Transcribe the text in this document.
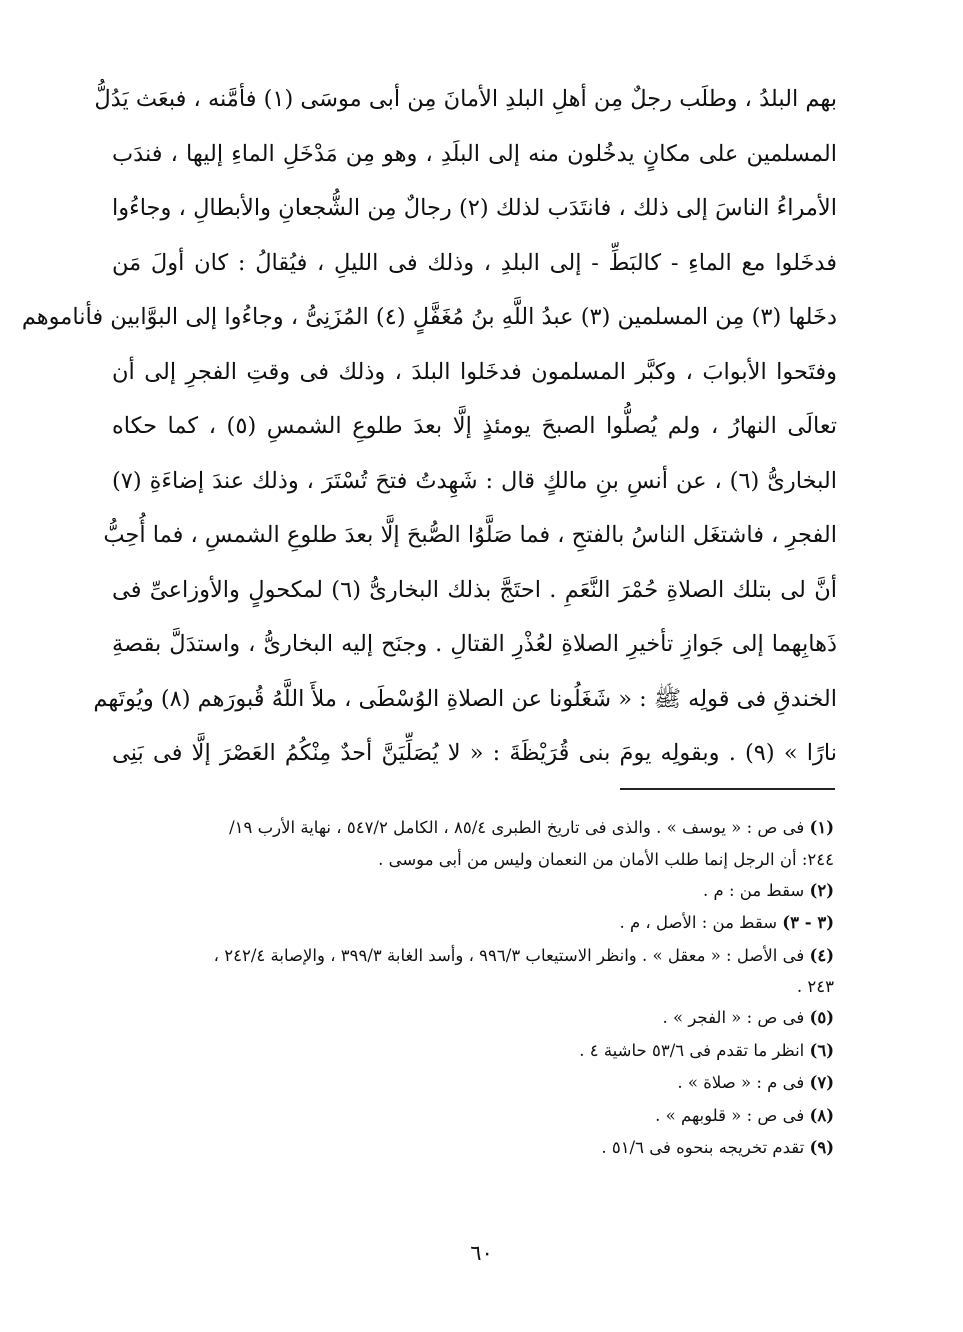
بهم البلدُ ، وطلَب رجلٌ مِن أهلِ البلدِ الأمانَ مِن أبى موسَى (١) فأمَّنه ، فبعَث يَدُلُّ
المسلمين على مكانٍ يدخُلون منه إلى البلَدِ ، وهو مِن مَدْخَلِ الماءِ إليها ، فندَب
الأمراءُ الناسَ إلى ذلك ، فانتَدَب لذلك (٢) رجالٌ مِن الشُّجعانِ والأبطالِ ، وجاءُوا
فدخَلوا مع الماءِ - كالبَطِّ - إلى البلدِ ، وذلك فى الليلِ ، فيُقالُ : كان أولَ مَن
دخَلها (٣) مِن المسلمين (٣) عبدُ اللَّهِ بنُ مُغَفَّلٍ (٤) المُزَنِىُّ ، وجاءُوا إلى البوَّابين فأناموهم
وفتَحوا الأبوابَ ، وكبَّر المسلمون فدخَلوا البلدَ ، وذلك فى وقتِ الفجرِ إلى أن
تعالَى النهارُ ، ولم يُصلُّوا الصبحَ يومئذٍ إلَّا بعدَ طلوعِ الشمسِ (٥) ، كما حكاه
البخارىُّ (٦) ، عن أنسِ بنِ مالكٍ قال : شَهِدتُ فتحَ تُسْتَرَ ، وذلك عندَ إضاءَةِ (٧)
الفجرِ ، فاشتغَل الناسُ بالفتحِ ، فما صَلَّوُا الصُّبحَ إلَّا بعدَ طلوعِ الشمسِ ، فما أُحِبُّ
أنَّ لى بتلك الصلاةِ حُمْرَ النَّعَمِ . احتَجَّ بذلك البخارىُّ (٦) لمكحولٍ والأوزاعىِّ فى
ذَهابِهما إلى جَوازِ تأخيرِ الصلاةِ لعُذْرِ القتالِ . وجنَح إليه البخارىُّ ، واستدَلَّ بقصةِ
الخندقِ فى قولِه ﷺ : « شَغَلُونا عن الصلاةِ الوُسْطَى ، ملأَ اللَّهُ قُبورَهم (٨) ويُوتَهم
نارًا » (٩) . وبقولِه يومَ بنى قُرَيْظَةَ : « لا يُصَلِّيَنَّ أحدٌ مِنْكُمُ العَصْرَ إلَّا فى بَنِى
(١) فى ص : « يوسف » . والذى فى تاريخ الطبرى ٨٥/٤ ، الكامل ٥٤٧/٢ ، نهاية الأرب ١٩/
٢٤٤: أن الرجل إنما طلب الأمان من النعمان وليس من أبى موسى .
(٢) سقط من : م .
(٣ - ٣) سقط من : الأصل ، م .
(٤) فى الأصل : « معقل » . وانظر الاستيعاب ٩٩٦/٣ ، وأسد الغابة ٣٩٩/٣ ، والإصابة ٢٤٢/٤ ،
٢٤٣ .
(٥) فى ص : « الفجر » .
(٦) انظر ما تقدم فى ٥٣/٦ حاشية ٤ .
(٧) فى م : « صلاة » .
(٨) فى ص : « قلوبهم » .
(٩) تقدم تخريجه بنحوه فى ٥١/٦ .
٦٠
